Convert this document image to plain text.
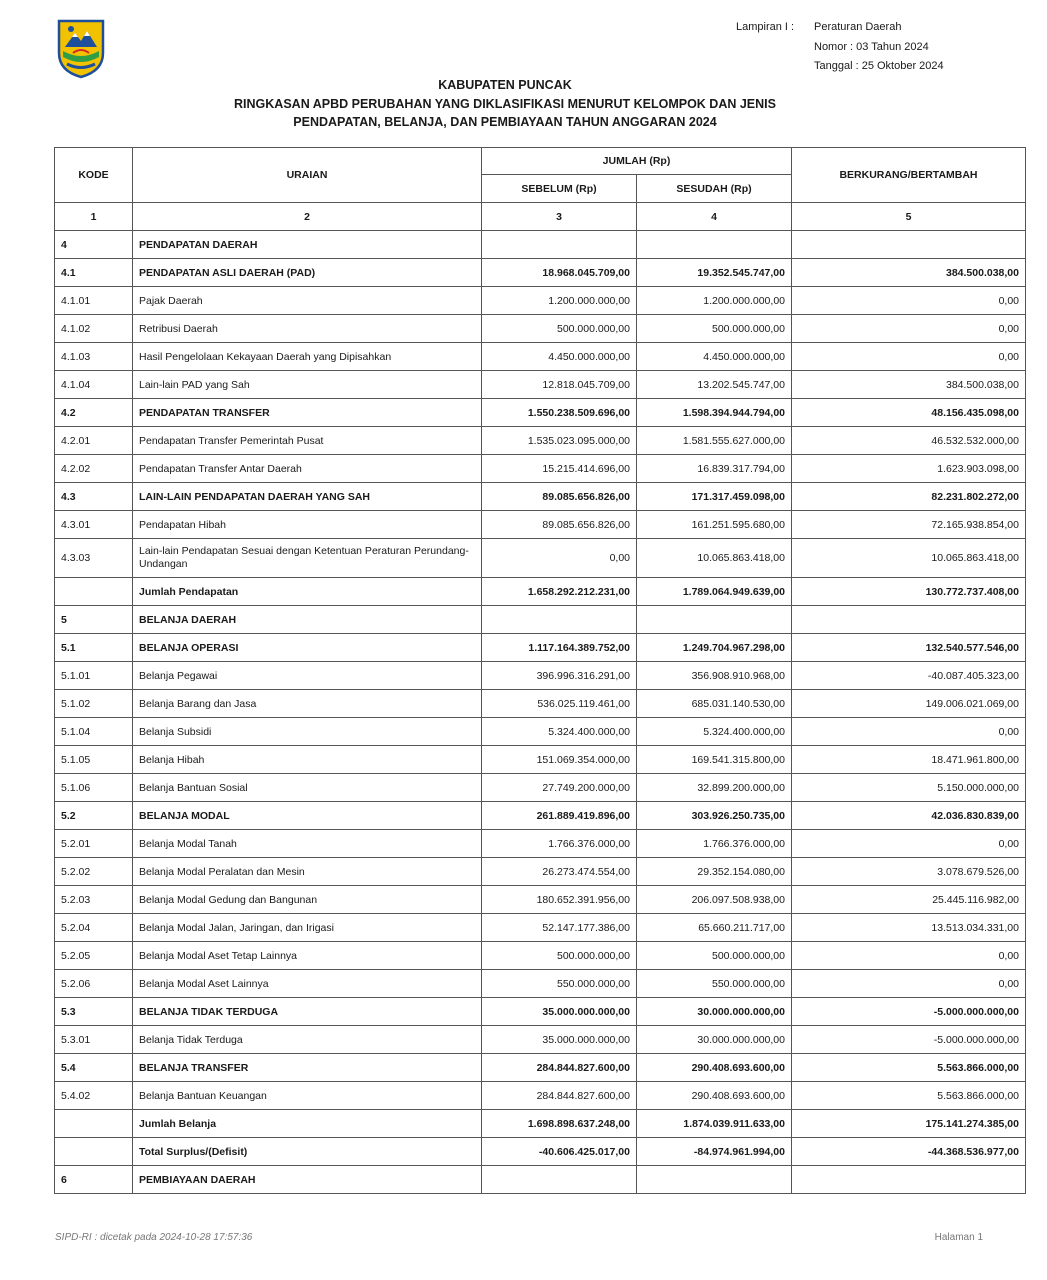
Lampiran I : Peraturan Daerah
Nomor : 03 Tahun 2024
Tanggal : 25 Oktober 2024
KABUPATEN PUNCAK
RINGKASAN APBD PERUBAHAN YANG DIKLASIFIKASI MENURUT KELOMPOK DAN JENIS
PENDAPATAN, BELANJA, DAN PEMBIAYAAN TAHUN ANGGARAN 2024
KODE	URAIAN	JUMLAH (Rp)		BERKURANG/BERTAMBAH
		SEBELUM (Rp)	SESUDAH (Rp)	
1	2	3	4	5
4	PENDAPATAN DAERAH			
4.1	PENDAPATAN ASLI DAERAH (PAD)	18.968.045.709,00	19.352.545.747,00	384.500.038,00
4.1.01	Pajak Daerah	1.200.000.000,00	1.200.000.000,00	0,00
4.1.02	Retribusi Daerah	500.000.000,00	500.000.000,00	0,00
4.1.03	Hasil Pengelolaan Kekayaan Daerah yang Dipisahkan	4.450.000.000,00	4.450.000.000,00	0,00
4.1.04	Lain-lain PAD yang Sah	12.818.045.709,00	13.202.545.747,00	384.500.038,00
4.2	PENDAPATAN TRANSFER	1.550.238.509.696,00	1.598.394.944.794,00	48.156.435.098,00
4.2.01	Pendapatan Transfer Pemerintah Pusat	1.535.023.095.000,00	1.581.555.627.000,00	46.532.532.000,00
4.2.02	Pendapatan Transfer Antar Daerah	15.215.414.696,00	16.839.317.794,00	1.623.903.098,00
4.3	LAIN-LAIN PENDAPATAN DAERAH YANG SAH	89.085.656.826,00	171.317.459.098,00	82.231.802.272,00
4.3.01	Pendapatan Hibah	89.085.656.826,00	161.251.595.680,00	72.165.938.854,00
4.3.03	Lain-lain Pendapatan Sesuai dengan Ketentuan Peraturan Perundang-Undangan	0,00	10.065.863.418,00	10.065.863.418,00
	Jumlah Pendapatan	1.658.292.212.231,00	1.789.064.949.639,00	130.772.737.408,00
5	BELANJA DAERAH			
5.1	BELANJA OPERASI	1.117.164.389.752,00	1.249.704.967.298,00	132.540.577.546,00
5.1.01	Belanja Pegawai	396.996.316.291,00	356.908.910.968,00	-40.087.405.323,00
5.1.02	Belanja Barang dan Jasa	536.025.119.461,00	685.031.140.530,00	149.006.021.069,00
5.1.04	Belanja Subsidi	5.324.400.000,00	5.324.400.000,00	0,00
5.1.05	Belanja Hibah	151.069.354.000,00	169.541.315.800,00	18.471.961.800,00
5.1.06	Belanja Bantuan Sosial	27.749.200.000,00	32.899.200.000,00	5.150.000.000,00
5.2	BELANJA MODAL	261.889.419.896,00	303.926.250.735,00	42.036.830.839,00
5.2.01	Belanja Modal Tanah	1.766.376.000,00	1.766.376.000,00	0,00
5.2.02	Belanja Modal Peralatan dan Mesin	26.273.474.554,00	29.352.154.080,00	3.078.679.526,00
5.2.03	Belanja Modal Gedung dan Bangunan	180.652.391.956,00	206.097.508.938,00	25.445.116.982,00
5.2.04	Belanja Modal Jalan, Jaringan, dan Irigasi	52.147.177.386,00	65.660.211.717,00	13.513.034.331,00
5.2.05	Belanja Modal Aset Tetap Lainnya	500.000.000,00	500.000.000,00	0,00
5.2.06	Belanja Modal Aset Lainnya	550.000.000,00	550.000.000,00	0,00
5.3	BELANJA TIDAK TERDUGA	35.000.000.000,00	30.000.000.000,00	-5.000.000.000,00
5.3.01	Belanja Tidak Terduga	35.000.000.000,00	30.000.000.000,00	-5.000.000.000,00
5.4	BELANJA TRANSFER	284.844.827.600,00	290.408.693.600,00	5.563.866.000,00
5.4.02	Belanja Bantuan Keuangan	284.844.827.600,00	290.408.693.600,00	5.563.866.000,00
	Jumlah Belanja	1.698.898.637.248,00	1.874.039.911.633,00	175.141.274.385,00
	Total Surplus/(Defisit)	-40.606.425.017,00	-84.974.961.994,00	-44.368.536.977,00
6	PEMBIAYAAN DAERAH			
SIPD-RI : dicetak pada 2024-10-28 17:57:36	Halaman 1
